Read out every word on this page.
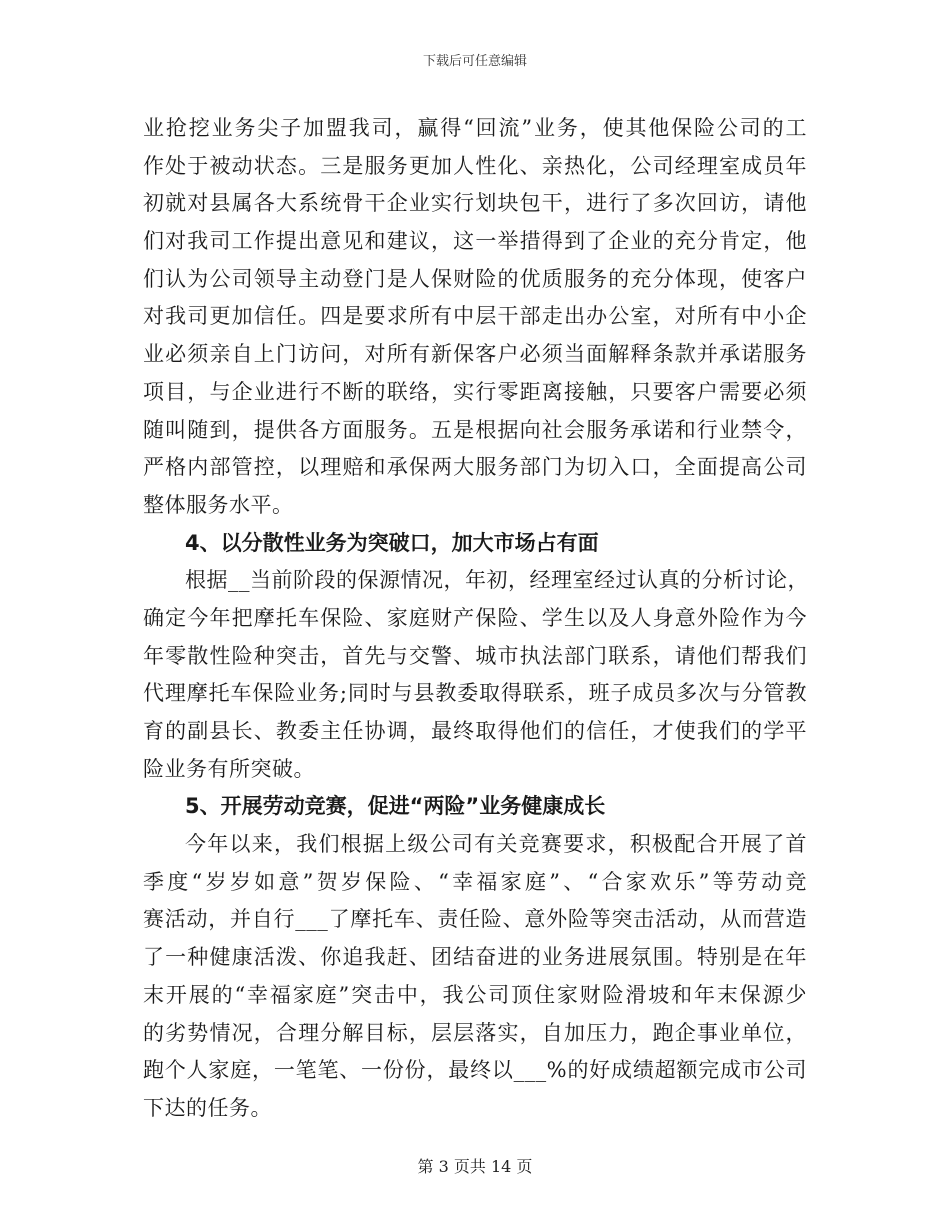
下载后可任意编辑
业抢挖业务尖子加盟我司，赢得“回流”业务，使其他保险公司的工
作处于被动状态。三是服务更加人性化、亲热化，公司经理室成员年
初就对县属各大系统骨干企业实行划块包干，进行了多次回访，请他
们对我司工作提出意见和建议，这一举措得到了企业的充分肯定，他
们认为公司领导主动登门是人保财险的优质服务的充分体现，使客户
对我司更加信任。四是要求所有中层干部走出办公室，对所有中小企
业必须亲自上门访问，对所有新保客户必须当面解释条款并承诺服务
项目，与企业进行不断的联络，实行零距离接触，只要客户需要必须
随叫随到，提供各方面服务。五是根据向社会服务承诺和行业禁令，
严格内部管控，以理赔和承保两大服务部门为切入口，全面提高公司
整体服务水平。
4、以分散性业务为突破口，加大市场占有面
根据__当前阶段的保源情况，年初，经理室经过认真的分析讨论，
确定今年把摩托车保险、家庭财产保险、学生以及人身意外险作为今
年零散性险种突击，首先与交警、城市执法部门联系，请他们帮我们
代理摩托车保险业务;同时与县教委取得联系，班子成员多次与分管教
育的副县长、教委主任协调，最终取得他们的信任，才使我们的学平
险业务有所突破。
5、开展劳动竞赛，促进“两险”业务健康成长
今年以来，我们根据上级公司有关竞赛要求，积极配合开展了首
季度“岁岁如意”贺岁保险、“幸福家庭”、“合家欢乐”等劳动竞
赛活动，并自行___了摩托车、责任险、意外险等突击活动，从而营造
了一种健康活泼、你追我赶、团结奋进的业务进展氛围。特别是在年
末开展的“幸福家庭”突击中，我公司顶住家财险滑坡和年末保源少
的劣势情况，合理分解目标，层层落实，自加压力，跑企事业单位，
跑个人家庭，一笔笔、一份份，最终以___%的好成绩超额完成市公司
下达的任务。
第 3 页共 14 页
